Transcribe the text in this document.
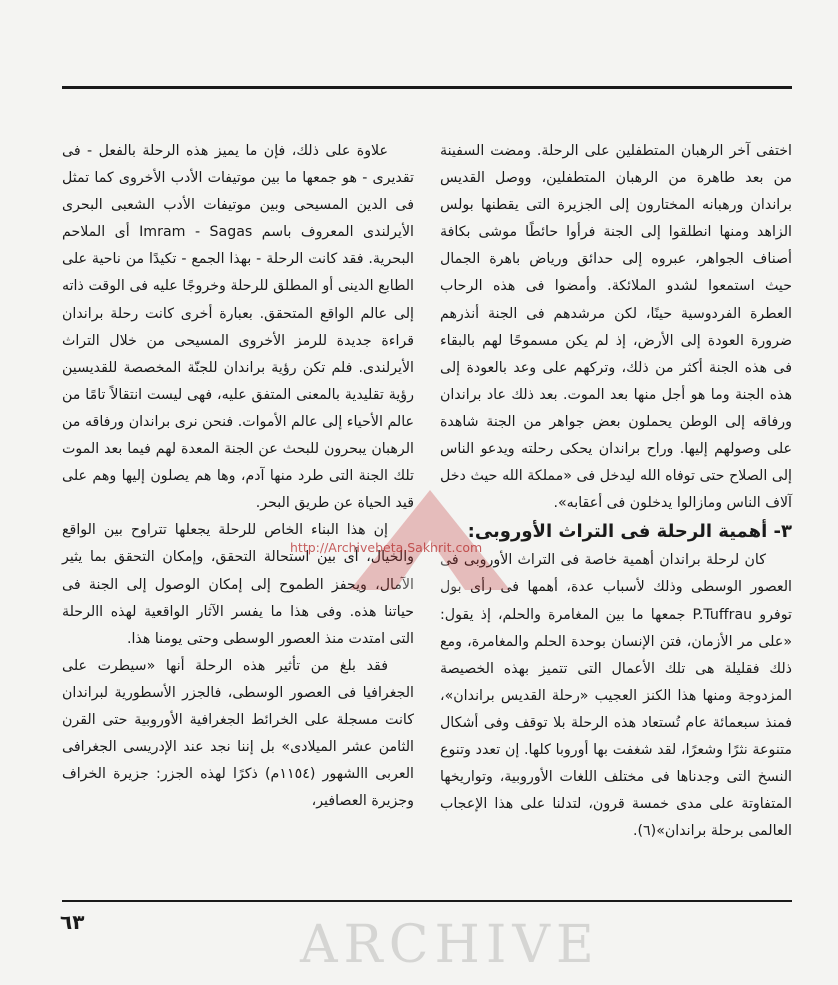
اختفى آخر الرهبان المتطفلين على الرحلة. ومضت السفينة من بعد طاهرة من الرهبان المتطفلين، ووصل القديس براندان ورهبانه المختارون إلى الجزيرة التى يقطنها بولس الزاهد ومنها انطلقوا إلى الجنة فرأوا حائطًا موشى بكافة أصناف الجواهر، عبروه إلى حدائق ورياض باهرة الجمال حيث استمعوا لشدو الملائكة. وأمضوا فى هذه الرحاب العطرة الفردوسية حينًا، لكن مرشدهم فى الجنة أنذرهم ضرورة العودة إلى الأرض، إذ لم يكن مسموحًا لهم بالبقاء فى هذه الجنة أكثر من ذلك، وتركهم على وعد بالعودة إلى هذه الجنة وما هو أجل منها بعد الموت. بعد ذلك عاد براندان ورفاقه إلى الوطن يحملون بعض جواهر من الجنة شاهدة على وصولهم إليها. وراح براندان يحكى رحلته ويدعو الناس إلى الصلاح حتى توفاه الله ليدخل فى «مملكة الله حيث دخل آلاف الناس ومازالوا يدخلون فى أعقابه».

٣- أهمية الرحلة فى التراث الأوروبى:

كان لرحلة براندان أهمية خاصة فى التراث الأوروبى فى العصور الوسطى وذلك لأسباب عدة، أهمها فى رأى بول توفرو P.Tuffrau جمعها ما بين المغامرة والحلم، إذ يقول: «على مر الأزمان، فتن الإنسان بوحدة الحلم والمغامرة، ومع ذلك فقليلة هى تلك الأعمال التى تتميز بهذه الخصيصة المزدوجة ومنها هذا الكنز العجيب «رحلة القديس براندان»، فمنذ سبعمائة عام تُستعاد هذه الرحلة بلا توقف وفى أشكال متنوعة نثرًا وشعرًا، لقد شغفت بها أوروبا كلها. إن تعدد وتنوع النسخ التى وجدناها فى مختلف اللغات الأوروبية، وتواريخها المتفاوتة على مدى خمسة قرون، لتدلنا على هذا الإعجاب العالمى برحلة براندان»(٦).

علاوة على ذلك، فإن ما يميز هذه الرحلة بالفعل - فى تقديرى - هو جمعها ما بين موتيفات الأدب الأخروى كما تمثل فى الدين المسيحى وبين موتيفات الأدب الشعبى البحرى الأيرلندى المعروف باسم Imram - Sagas أى الملاحم البحرية. فقد كانت الرحلة - بهذا الجمع - تكيدًا من ناحية على الطابع الدينى أو المطلق للرحلة وخروجًا عليه فى الوقت ذاته إلى عالم الواقع المتحقق. بعبارة أخرى كانت رحلة براندان قراءة جديدة للرمز الأخروى المسيحى من خلال التراث الأيرلندى. فلم تكن رؤية براندان للجنّة المخصصة للقديسين رؤية تقليدية بالمعنى المتفق عليه، فهى ليست انتقالاً تامًا من عالم الأحياء إلى عالم الأموات. فنحن نرى براندان ورفاقه من الرهبان يبحرون للبحث عن الجنة المعدة لهم فيما بعد الموت تلك الجنة التى طرد منها آدم، وها هم يصلون إليها وهم على قيد الحياة عن طريق البحر.

إن هذا البناء الخاص للرحلة يجعلها تتراوح بين الواقع والخيال، أى بين استحالة التحقق، وإمكان التحقق بما يثير الآمال، ويحفز الطموح إلى إمكان الوصول إلى الجنة فى حياتنا هذه. وفى هذا ما يفسر الآثار الواقعية لهذه االرحلة التى امتدت منذ العصور الوسطى وحتى يومنا هذا.

فقد بلغ من تأثير هذه الرحلة أنها «سيطرت على الجغرافيا فى العصور الوسطى، فالجزر الأسطورية لبراندان كانت مسجلة على الخرائط الجغرافية الأوروبية حتى القرن الثامن عشر الميلادى» بل إننا نجد عند الإدريسى الجغرافى العربى االشهور (١١٥٤م) ذكرًا لهذه الجزر: جزيرة الخراف وجزيرة العصافير،

٦٣
http://Archivebeta.Sakhrit.com
ARCHIVE
